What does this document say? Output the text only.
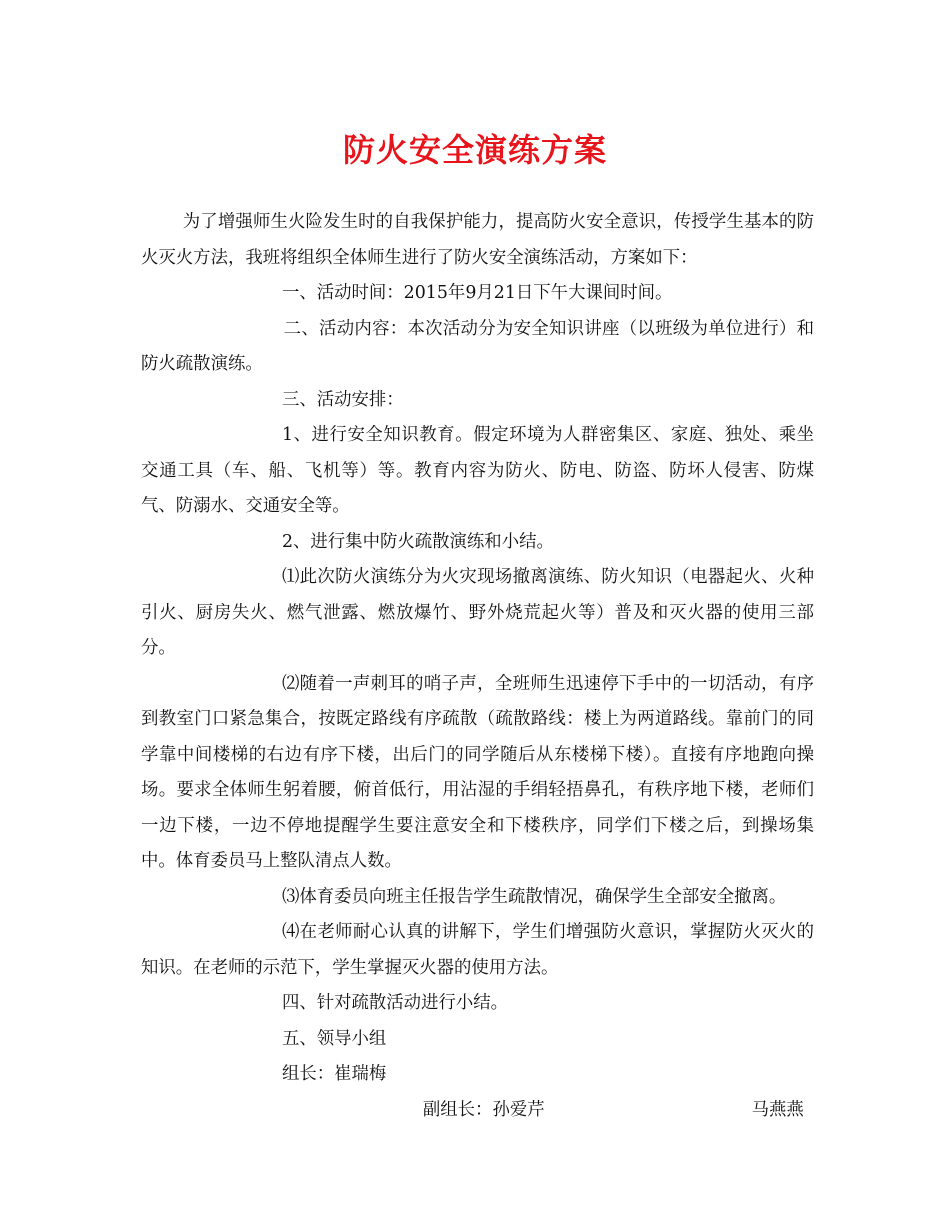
防火安全演练方案

为了增强师生火险发生时的自我保护能力，提高防火安全意识，传授学生基本的防火灭火方法，我班将组织全体师生进行了防火安全演练活动，方案如下：

一、活动时间：2015年9月21日下午大课间时间。

二、活动内容：本次活动分为安全知识讲座（以班级为单位进行）和防火疏散演练。

三、活动安排：

1、进行安全知识教育。假定环境为人群密集区、家庭、独处、乘坐交通工具（车、船、飞机等）等。教育内容为防火、防电、防盗、防坏人侵害、防煤气、防溺水、交通安全等。

2、进行集中防火疏散演练和小结。

⑴此次防火演练分为火灾现场撤离演练、防火知识（电器起火、火种引火、厨房失火、燃气泄露、燃放爆竹、野外烧荒起火等）普及和灭火器的使用三部分。

⑵随着一声刺耳的哨子声，全班师生迅速停下手中的一切活动，有序到教室门口紧急集合，按既定路线有序疏散（疏散路线：楼上为两道路线。靠前门的同学靠中间楼梯的右边有序下楼，出后门的同学随后从东楼梯下楼）。直接有序地跑向操场。要求全体师生躬着腰，俯首低行，用沾湿的手绢轻捂鼻孔，有秩序地下楼，老师们一边下楼，一边不停地提醒学生要注意安全和下楼秩序，同学们下楼之后，到操场集中。体育委员马上整队清点人数。

⑶体育委员向班主任报告学生疏散情况，确保学生全部安全撤离。

⑷在老师耐心认真的讲解下，学生们增强防火意识，掌握防火灭火的知识。在老师的示范下，学生掌握灭火器的使用方法。

四、针对疏散活动进行小结。

五、领导小组

组长：崔瑞梅

副组长：孙爱芹	马燕燕
